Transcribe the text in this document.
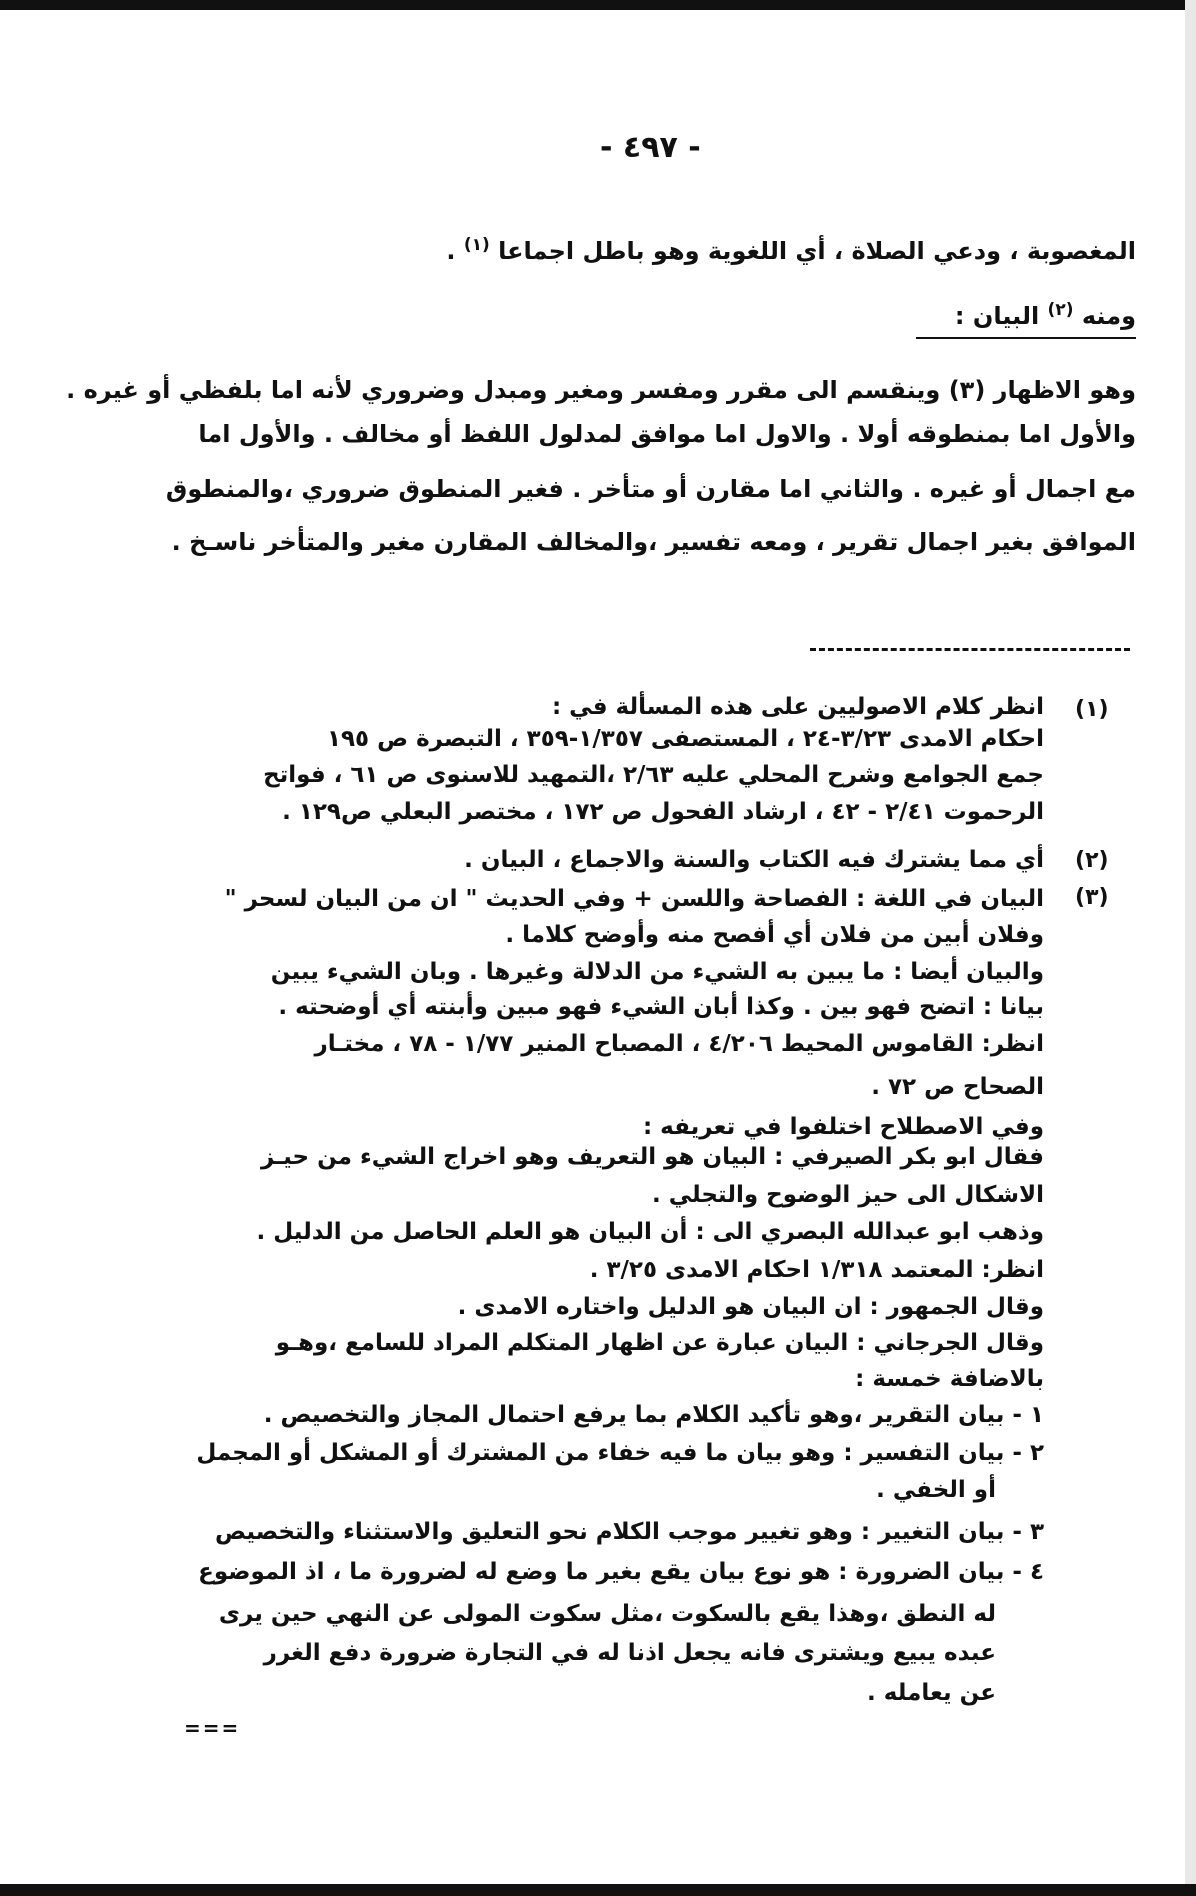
- ٤٩٧ -
المغصوبة ، ودعي الصلاة ، أي اللغوية وهو باطل اجماعا $^{(١)}$ .
ومنه $^{(٢)}$ البيان :
وهو الاظهار (٣) وينقسم الى مقرر ومفسر ومغير ومبدل وضروري لأنه اما بلفظي أو غيره .
والأول اما بمنطوقه أولا . والاول اما موافق لمدلول اللفظ أو مخالف . والأول اما
مع اجمال أو غيره . والثاني اما مقارن أو متأخر . فغير المنطوق ضروري ،والمنطوق
الموافق بغير اجمال تقرير ، ومعه تفسير ،والمخالف المقارن مغير والمتأخر ناسـخ .
(١)
(٢)
(٣)
انظر كلام الاصوليين على هذه المسألة في :
احكام الامدى ٣/٢٣-٢٤ ، المستصفى ١/٣٥٧-٣٥٩ ، التبصرة ص ١٩٥
جمع الجوامع وشرح المحلي عليه ٢/٦٣ ،التمهيد للاسنوى ص ٦١ ، فواتح
الرحموت ٢/٤١ - ٤٢ ، ارشاد الفحول ص ١٧٢ ، مختصر البعلي ص١٢٩ .
أي مما يشترك فيه الكتاب والسنة والاجماع ، البيان .
البيان في اللغة : الفصاحة واللسن + وفي الحديث " ان من البيان لسحر "
وفلان أبين من فلان أي أفصح منه وأوضح كلاما .
والبيان أيضا : ما يبين به الشيء من الدلالة وغيرها . وبان الشيء يبين
بيانا : اتضح فهو بين . وكذا أبان الشيء فهو مبين وأبنته أي أوضحته .
انظر: القاموس المحيط ٤/٢٠٦ ، المصباح المنير ١/٧٧ - ٧٨ ، مختـار
الصحاح ص ٧٢ .
وفي الاصطلاح اختلفوا في تعريفه :
فقال ابو بكر الصيرفي : البيان هو التعريف وهو اخراج الشيء من حيـز
الاشكال الى حيز الوضوح والتجلي .
وذهب ابو عبدالله البصري الى : أن البيان هو العلم الحاصل من الدليل .
انظر: المعتمد ١/٣١٨ احكام الامدى ٣/٢٥ .
وقال الجمهور : ان البيان هو الدليل واختاره الامدى .
وقال الجرجاني : البيان عبارة عن اظهار المتكلم المراد للسامع ،وهـو
بالاضافة خمسة :
١ - بيان التقرير ،وهو تأكيد الكلام بما يرفع احتمال المجاز والتخصيص .
٢ - بيان التفسير : وهو بيان ما فيه خفاء من المشترك أو المشكل أو المجمل
أو الخفي .
٣ - بيان التغيير : وهو تغيير موجب الكلام نحو التعليق والاستثناء والتخصيص
٤ - بيان الضرورة : هو نوع بيان يقع بغير ما وضع له لضرورة ما ، اذ الموضوع
له النطق ،وهذا يقع بالسكوت ،مثل سكوت المولى عن النهي حين يرى
عبده يبيع ويشترى فانه يجعل اذنا له في التجارة ضرورة دفع الغرر
عن يعامله .
===
